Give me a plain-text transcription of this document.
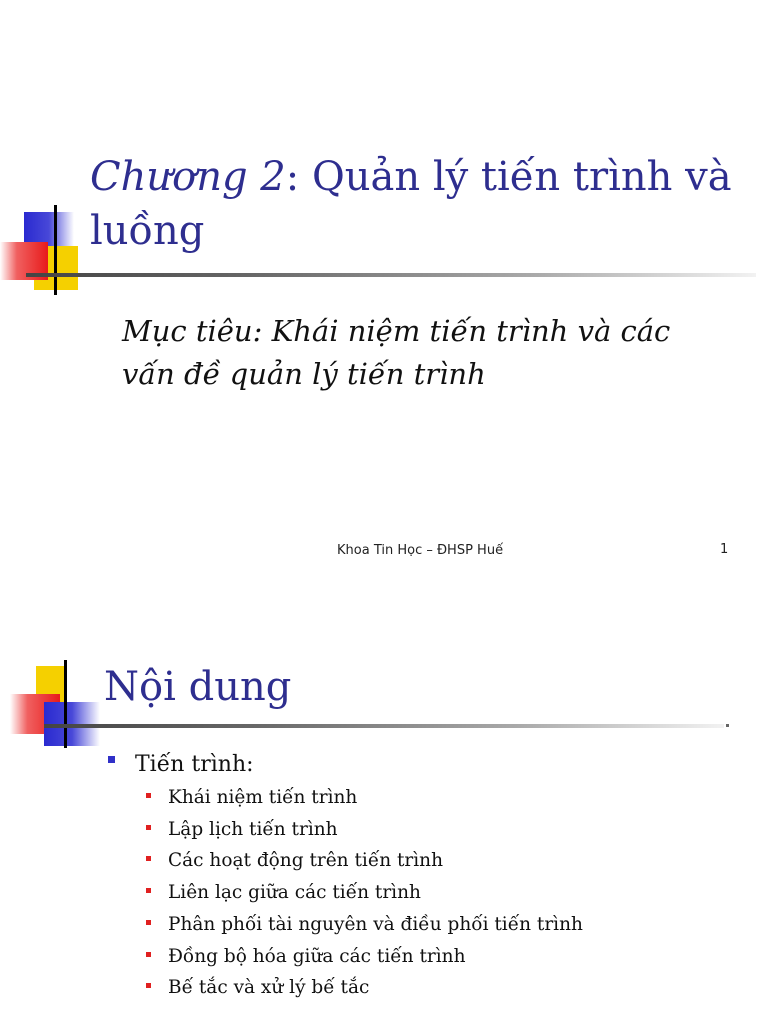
Chương 2: Quản lý tiến trình và luồng

Mục tiêu: Khái niệm tiến trình và các vấn đề quản lý tiến trình

Khoa Tin Học – ĐHSP Huế	1
Nội dung
Tiến trình:
Khái niệm tiến trình
Lập lịch tiến trình
Các hoạt động trên tiến trình
Liên lạc giữa các tiến trình
Phân phối tài nguyên và điều phối tiến trình
Đồng bộ hóa giữa các tiến trình
Bế tắc và xử lý bế tắc
